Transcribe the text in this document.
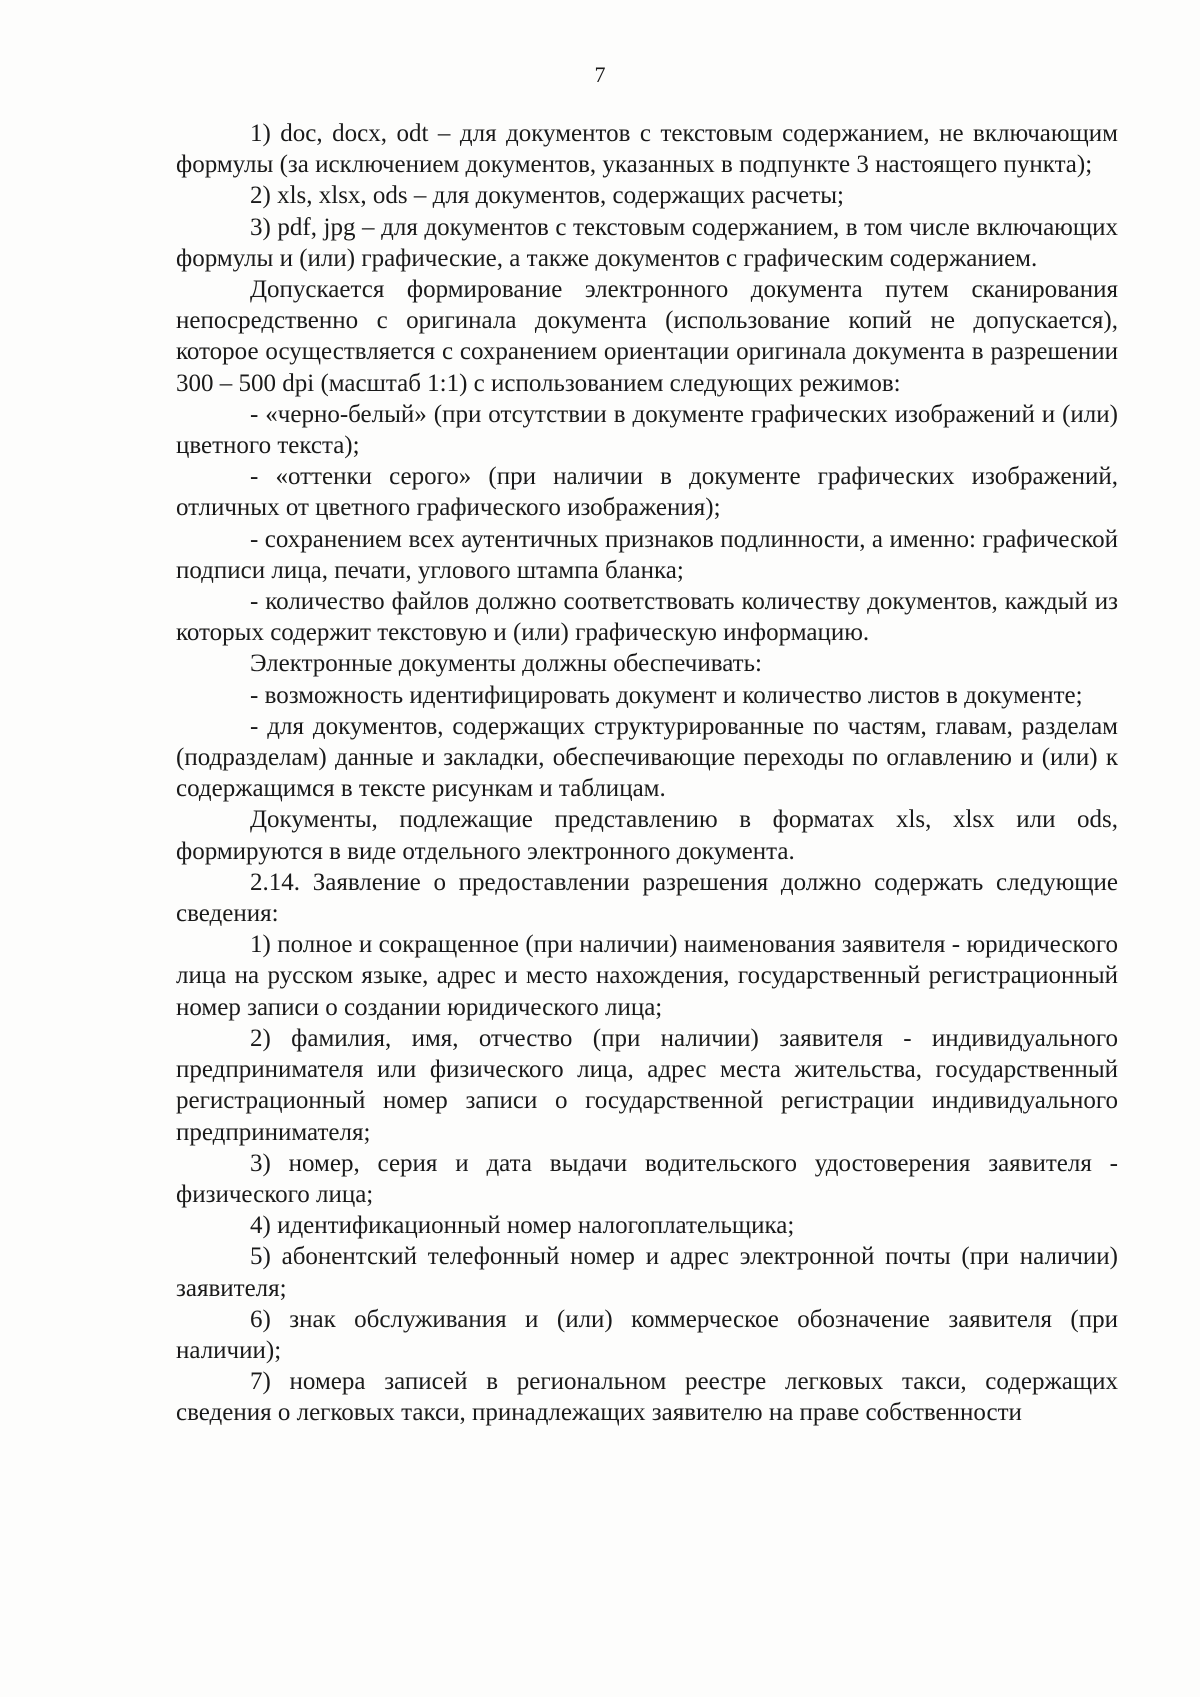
7

1) doc, docx, odt – для документов с текстовым содержанием, не включающим формулы (за исключением документов, указанных в подпункте 3 настоящего пункта);

2) xls, xlsx, ods – для документов, содержащих расчеты;

3) pdf, jpg – для документов с текстовым содержанием, в том числе включающих формулы и (или) графические, а также документов с графическим содержанием.

Допускается формирование электронного документа путем сканирования непосредственно с оригинала документа (использование копий не допускается), которое осуществляется с сохранением ориентации оригинала документа в разрешении 300 – 500 dpi (масштаб 1:1) с использованием следующих режимов:

- «черно-белый» (при отсутствии в документе графических изображений и (или) цветного текста);

- «оттенки серого» (при наличии в документе графических изображений, отличных от цветного графического изображения);

- сохранением всех аутентичных признаков подлинности, а именно: графической подписи лица, печати, углового штампа бланка;

- количество файлов должно соответствовать количеству документов, каждый из которых содержит текстовую и (или) графическую информацию.

Электронные документы должны обеспечивать:

- возможность идентифицировать документ и количество листов в документе;

- для документов, содержащих структурированные по частям, главам, разделам (подразделам) данные и закладки, обеспечивающие переходы по оглавлению и (или) к содержащимся в тексте рисункам и таблицам.

Документы, подлежащие представлению в форматах xls, xlsx или ods, формируются в виде отдельного электронного документа.

2.14. Заявление о предоставлении разрешения должно содержать следующие сведения:

1) полное и сокращенное (при наличии) наименования заявителя - юридического лица на русском языке, адрес и место нахождения, государственный регистрационный номер записи о создании юридического лица;

2) фамилия, имя, отчество (при наличии) заявителя - индивидуального предпринимателя или физического лица, адрес места жительства, государственный регистрационный номер записи о государственной регистрации индивидуального предпринимателя;

3) номер, серия и дата выдачи водительского удостоверения заявителя - физического лица;

4) идентификационный номер налогоплательщика;

5) абонентский телефонный номер и адрес электронной почты (при наличии) заявителя;

6) знак обслуживания и (или) коммерческое обозначение заявителя (при наличии);

7) номера записей в региональном реестре легковых такси, содержащих сведения о легковых такси, принадлежащих заявителю на праве собственности
